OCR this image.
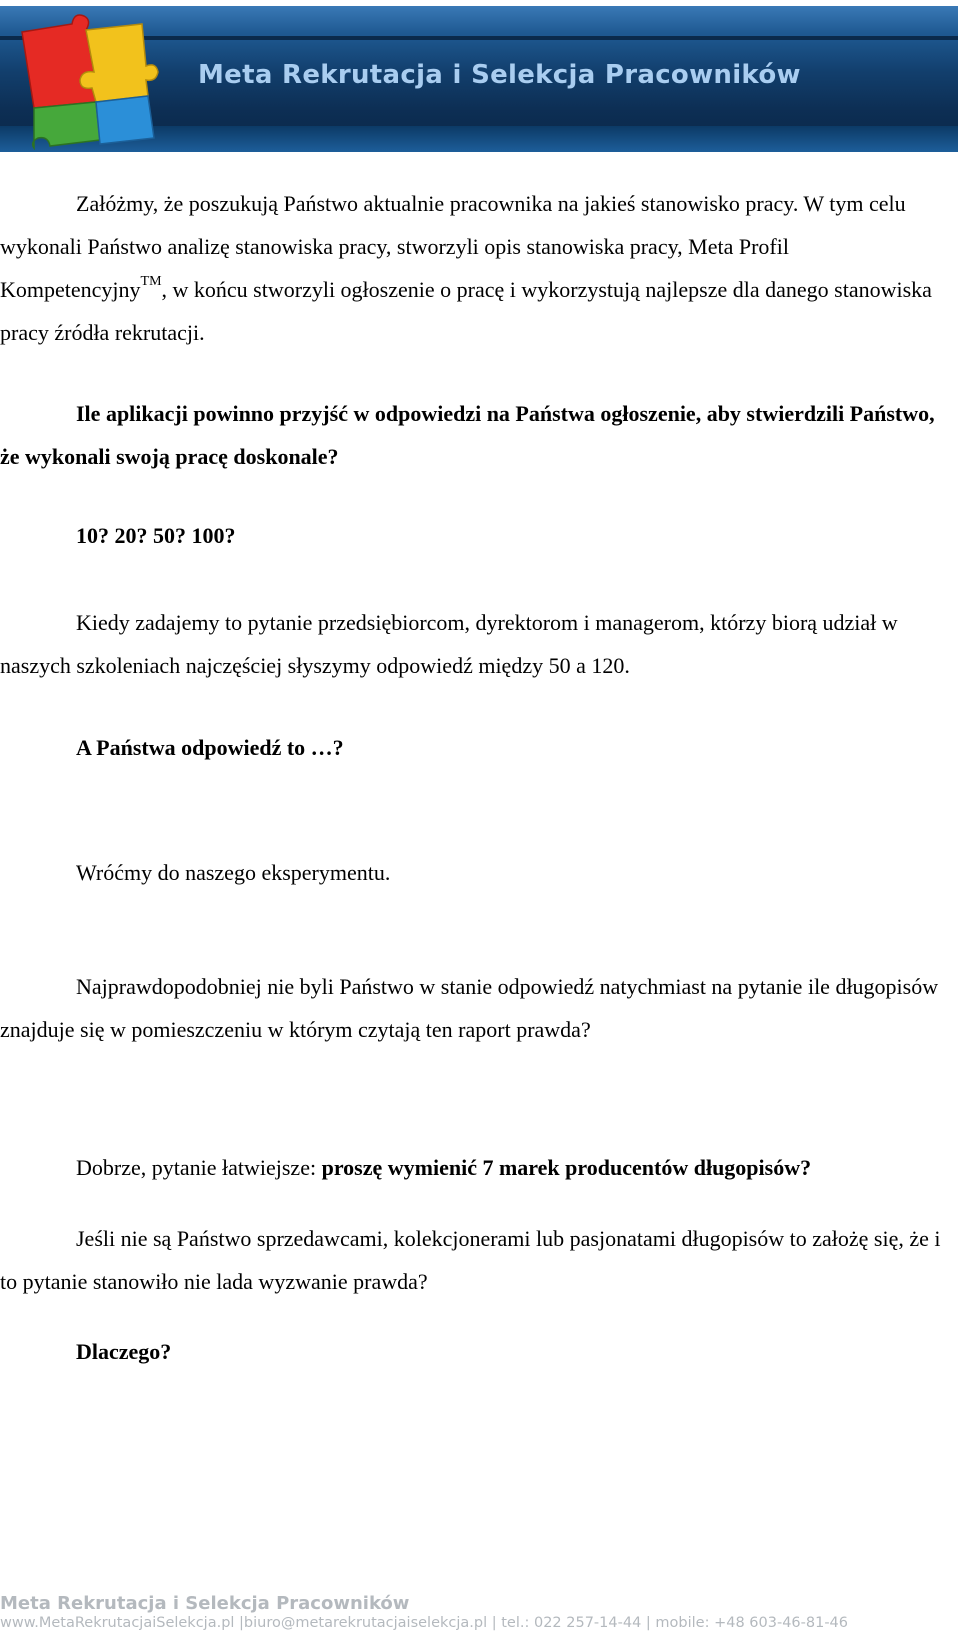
Meta Rekrutacja i Selekcja Pracowników

Załóżmy, że poszukują Państwo aktualnie pracownika na jakieś stanowisko pracy. W tym celu wykonali Państwo analizę stanowiska pracy, stworzyli opis stanowiska pracy, Meta Profil Kompetencyjny™, w końcu stworzyli ogłoszenie o pracę i wykorzystują najlepsze dla danego stanowiska pracy źródła rekrutacji.

Ile aplikacji powinno przyjść w odpowiedzi na Państwa ogłoszenie, aby stwierdzili Państwo, że wykonali swoją pracę doskonale?

10? 20? 50? 100?

Kiedy zadajemy to pytanie przedsiębiorcom, dyrektorom i managerom, którzy biorą udział w naszych szkoleniach najczęściej słyszymy odpowiedź między 50 a 120.

A Państwa odpowiedź to …?

Wróćmy do naszego eksperymentu.

Najprawdopodobniej nie byli Państwo w stanie odpowiedź natychmiast na pytanie ile długopisów znajduje się w pomieszczeniu w którym czytają ten raport prawda?

Dobrze, pytanie łatwiejsze: proszę wymienić 7 marek producentów długopisów?

Jeśli nie są Państwo sprzedawcami, kolekcjonerami lub pasjonatami długopisów to założę się, że i to pytanie stanowiło nie lada wyzwanie prawda?

Dlaczego?

Meta Rekrutacja i Selekcja Pracowników
www.MetaRekrutacjaiSelekcja.pl |biuro@metarekrutacjaiselekcja.pl | tel.: 022 257-14-44 | mobile: +48 603-46-81-46
